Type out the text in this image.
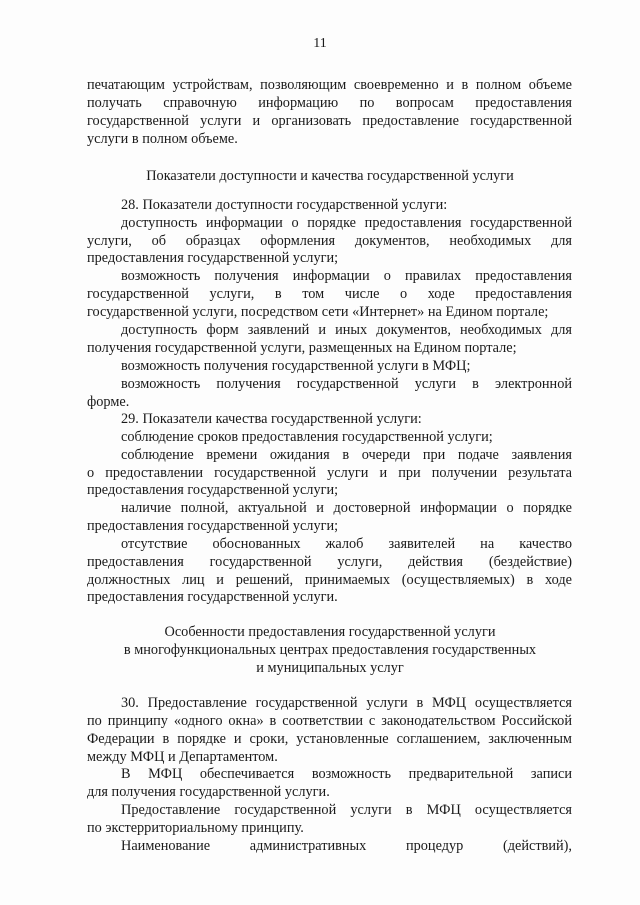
11
печатающим устройствам, позволяющим своевременно и в полном объеме
получать справочную информацию по вопросам предоставления
государственной услуги и организовать предоставление государственной
услуги в полном объеме.
Показатели доступности и качества государственной услуги
28. Показатели доступности государственной услуги:
доступность информации о порядке предоставления государственной
услуги, об образцах оформления документов, необходимых для
предоставления государственной услуги;
возможность получения информации о правилах предоставления
государственной услуги, в том числе о ходе предоставления
государственной услуги, посредством сети «Интернет» на Едином портале;
доступность форм заявлений и иных документов, необходимых для
получения государственной услуги, размещенных на Едином портале;
возможность получения государственной услуги в МФЦ;
возможность получения государственной услуги в электронной
форме.
29. Показатели качества государственной услуги:
соблюдение сроков предоставления государственной услуги;
соблюдение времени ожидания в очереди при подаче заявления
о предоставлении государственной услуги и при получении результата
предоставления государственной услуги;
наличие полной, актуальной и достоверной информации о порядке
предоставления государственной услуги;
отсутствие обоснованных жалоб заявителей на качество
предоставления государственной услуги, действия (бездействие)
должностных лиц и решений, принимаемых (осуществляемых) в ходе
предоставления государственной услуги.
Особенности предоставления государственной услуги
в многофункциональных центрах предоставления государственных
и муниципальных услуг
30. Предоставление государственной услуги в МФЦ осуществляется
по принципу «одного окна» в соответствии с законодательством Российской
Федерации в порядке и сроки, установленные соглашением, заключенным
между МФЦ и Департаментом.
В МФЦ обеспечивается возможность предварительной записи
для получения государственной услуги.
Предоставление государственной услуги в МФЦ осуществляется
по экстерриториальному принципу.
Наименование административных процедур (действий),
